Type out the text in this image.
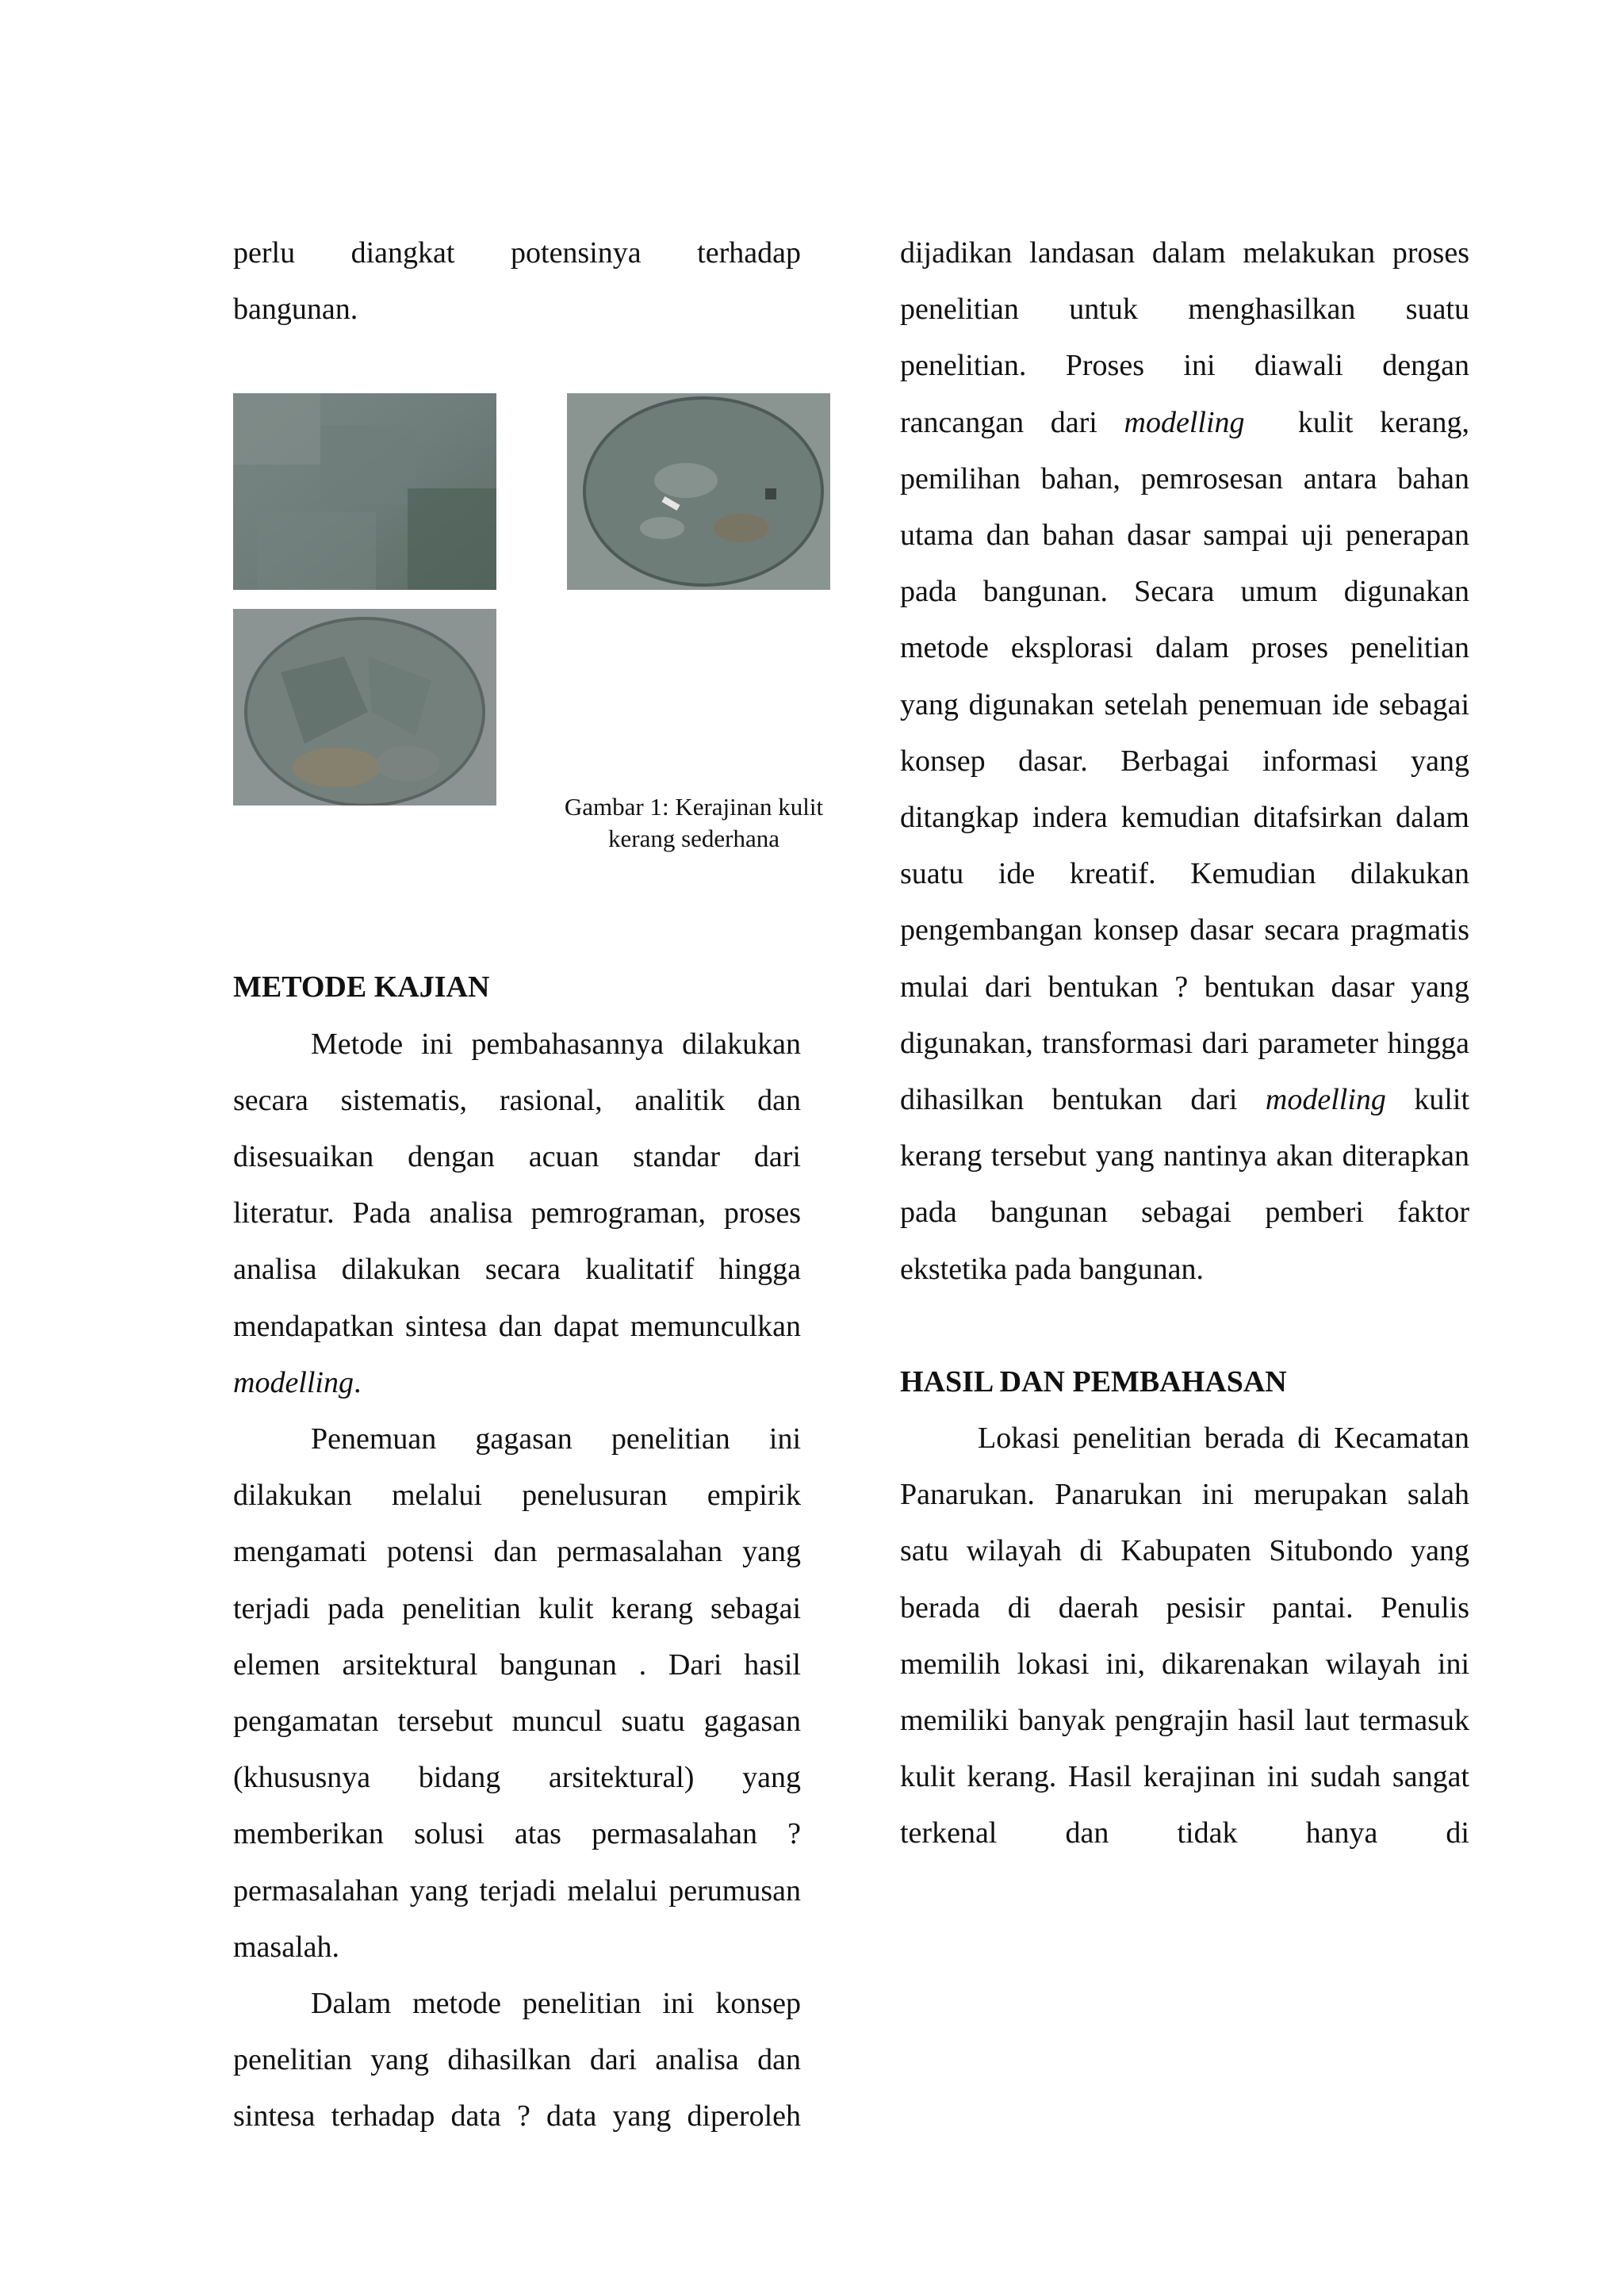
perlu diangkat potensinya terhadap

bangunan.

Gambar 1: Kerajinan kulit kerang sederhana
METODE KAJIAN

Metode ini pembahasannya dilakukan secara sistematis, rasional, analitik dan disesuaikan dengan acuan standar dari literatur. Pada analisa pemrograman, proses analisa dilakukan secara kualitatif hingga mendapatkan sintesa dan dapat memunculkan modelling.

Penemuan gagasan penelitian ini dilakukan melalui penelusuran empirik mengamati potensi dan permasalahan yang terjadi pada penelitian kulit kerang sebagai elemen arsitektural bangunan . Dari hasil pengamatan tersebut muncul suatu gagasan (khususnya bidang arsitektural) yang memberikan solusi atas permasalahan ? permasalahan yang terjadi melalui perumusan masalah.

Dalam metode penelitian ini konsep penelitian yang dihasilkan dari analisa dan sintesa terhadap data ? data yang diperoleh

dijadikan landasan dalam melakukan proses penelitian untuk menghasilkan suatu penelitian. Proses ini diawali dengan rancangan dari modelling kulit kerang, pemilihan bahan, pemrosesan antara bahan utama dan bahan dasar sampai uji penerapan pada bangunan. Secara umum digunakan metode eksplorasi dalam proses penelitian yang digunakan setelah penemuan ide sebagai konsep dasar. Berbagai informasi yang ditangkap indera kemudian ditafsirkan dalam suatu ide kreatif. Kemudian dilakukan pengembangan konsep dasar secara pragmatis mulai dari bentukan ? bentukan dasar yang digunakan, transformasi dari parameter hingga dihasilkan bentukan dari modelling kulit kerang tersebut yang nantinya akan diterapkan pada bangunan sebagai pemberi faktor ekstetika pada bangunan.

HASIL DAN PEMBAHASAN

Lokasi penelitian berada di Kecamatan Panarukan. Panarukan ini merupakan salah satu wilayah di Kabupaten Situbondo yang berada di daerah pesisir pantai. Penulis memilih lokasi ini, dikarenakan wilayah ini memiliki banyak pengrajin hasil laut termasuk kulit kerang. Hasil kerajinan ini sudah sangat terkenal dan tidak hanya di
